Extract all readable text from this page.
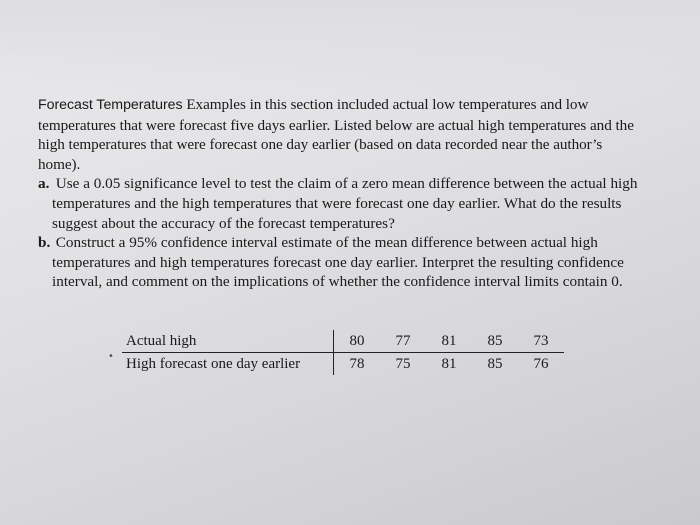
Forecast Temperatures Examples in this section included actual low temperatures and low temperatures that were forecast five days earlier. Listed below are actual high temperatures and the high temperatures that were forecast one day earlier (based on data recorded near the author’s home).

a. Use a 0.05 significance level to test the claim of a zero mean difference between the actual high temperatures and the high temperatures that were forecast one day earlier. What do the results suggest about the accuracy of the forecast temperatures?

b. Construct a 95% confidence interval estimate of the mean difference between actual high temperatures and high temperatures forecast one day earlier. Interpret the resulting confidence interval, and comment on the implications of whether the confidence interval limits contain 0.

•
Actual high	80	77	81	85	73
High forecast one day earlier	78	75	81	85	76
